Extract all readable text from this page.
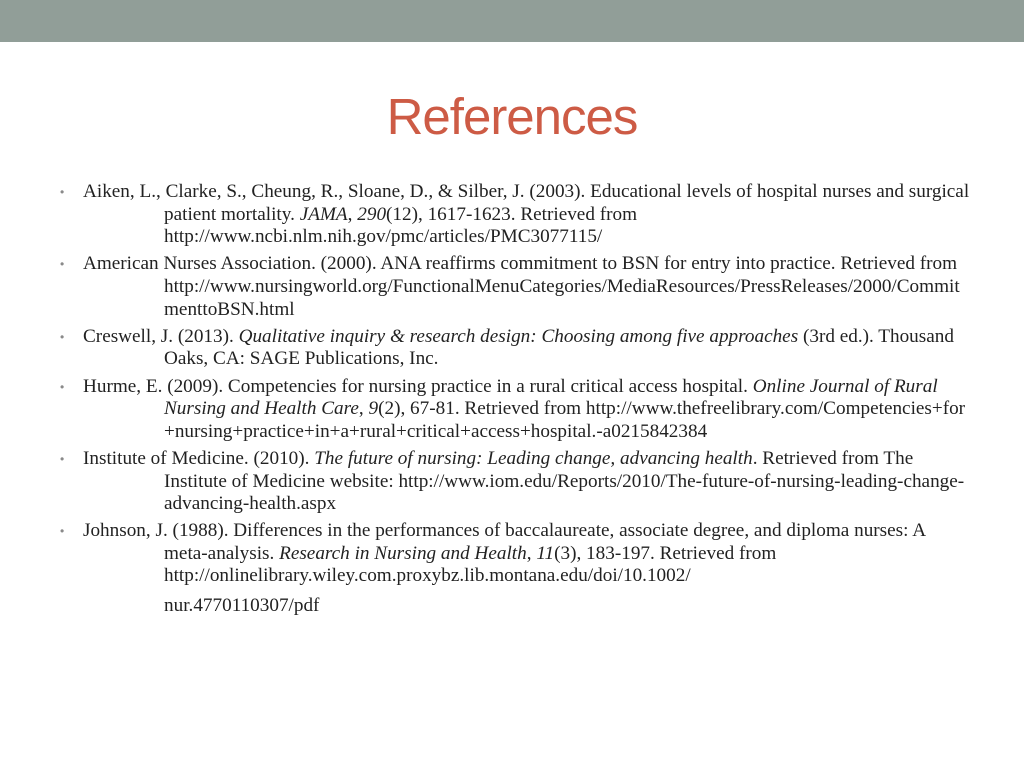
References
• Aiken, L., Clarke, S., Cheung, R., Sloane, D., & Silber, J. (2003). Educational levels of hospital nurses and surgical patient mortality. JAMA, 290(12), 1617-1623. Retrieved from http://www.ncbi.nlm.nih.gov/pmc/articles/PMC3077115/
• American Nurses Association. (2000). ANA reaffirms commitment to BSN for entry into practice. Retrieved from http://www.nursingworld.org/FunctionalMenuCategories/MediaResources/PressReleases/2000/CommitmenttoBSN.html
• Creswell, J. (2013). Qualitative inquiry & research design: Choosing among five approaches (3rd ed.). Thousand Oaks, CA: SAGE Publications, Inc.
• Hurme, E. (2009). Competencies for nursing practice in a rural critical access hospital. Online Journal of Rural Nursing and Health Care, 9(2), 67-81. Retrieved from http://www.thefreelibrary.com/Competencies+for+nursing+practice+in+a+rural+critical+access+hospital.-a0215842384
• Institute of Medicine. (2010). The future of nursing: Leading change, advancing health. Retrieved from The Institute of Medicine website: http://www.iom.edu/Reports/2010/The-future-of-nursing-leading-change-advancing-health.aspx
• Johnson, J. (1988). Differences in the performances of baccalaureate, associate degree, and diploma nurses: A meta-analysis. Research in Nursing and Health, 11(3), 183-197. Retrieved from http://onlinelibrary.wiley.com.proxybz.lib.montana.edu/doi/10.1002/
nur.4770110307/pdf
